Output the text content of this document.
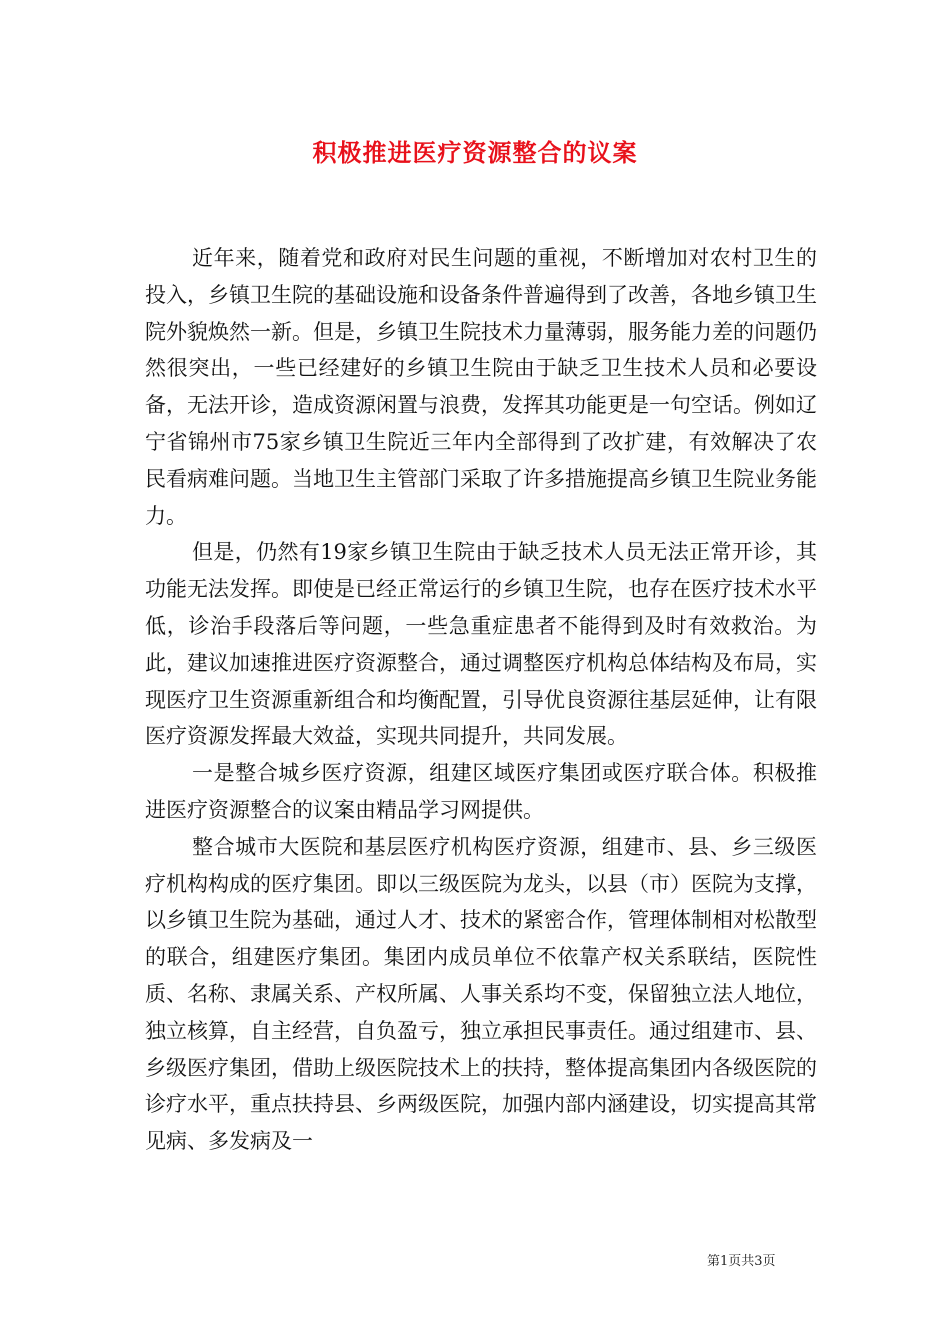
积极推进医疗资源整合的议案

近年来，随着党和政府对民生问题的重视，不断增加对农村卫生的投入，乡镇卫生院的基础设施和设备条件普遍得到了改善，各地乡镇卫生院外貌焕然一新。但是，乡镇卫生院技术力量薄弱，服务能力差的问题仍然很突出，一些已经建好的乡镇卫生院由于缺乏卫生技术人员和必要设备，无法开诊，造成资源闲置与浪费，发挥其功能更是一句空话。例如辽宁省锦州市75家乡镇卫生院近三年内全部得到了改扩建，有效解决了农民看病难问题。当地卫生主管部门采取了许多措施提高乡镇卫生院业务能力。

但是，仍然有19家乡镇卫生院由于缺乏技术人员无法正常开诊，其功能无法发挥。即使是已经正常运行的乡镇卫生院，也存在医疗技术水平低，诊治手段落后等问题，一些急重症患者不能得到及时有效救治。为此，建议加速推进医疗资源整合，通过调整医疗机构总体结构及布局，实现医疗卫生资源重新组合和均衡配置，引导优良资源往基层延伸，让有限医疗资源发挥最大效益，实现共同提升，共同发展。

一是整合城乡医疗资源，组建区域医疗集团或医疗联合体。积极推进医疗资源整合的议案由精品学习网提供。

整合城市大医院和基层医疗机构医疗资源，组建市、县、乡三级医疗机构构成的医疗集团。即以三级医院为龙头，以县（市）医院为支撑，以乡镇卫生院为基础，通过人才、技术的紧密合作，管理体制相对松散型的联合，组建医疗集团。集团内成员单位不依靠产权关系联结，医院性质、名称、隶属关系、产权所属、人事关系均不变，保留独立法人地位，独立核算，自主经营，自负盈亏，独立承担民事责任。通过组建市、县、乡级医疗集团，借助上级医院技术上的扶持，整体提高集团内各级医院的诊疗水平，重点扶持县、乡两级医院，加强内部内涵建设，切实提高其常见病、多发病及一

第1页共3页
